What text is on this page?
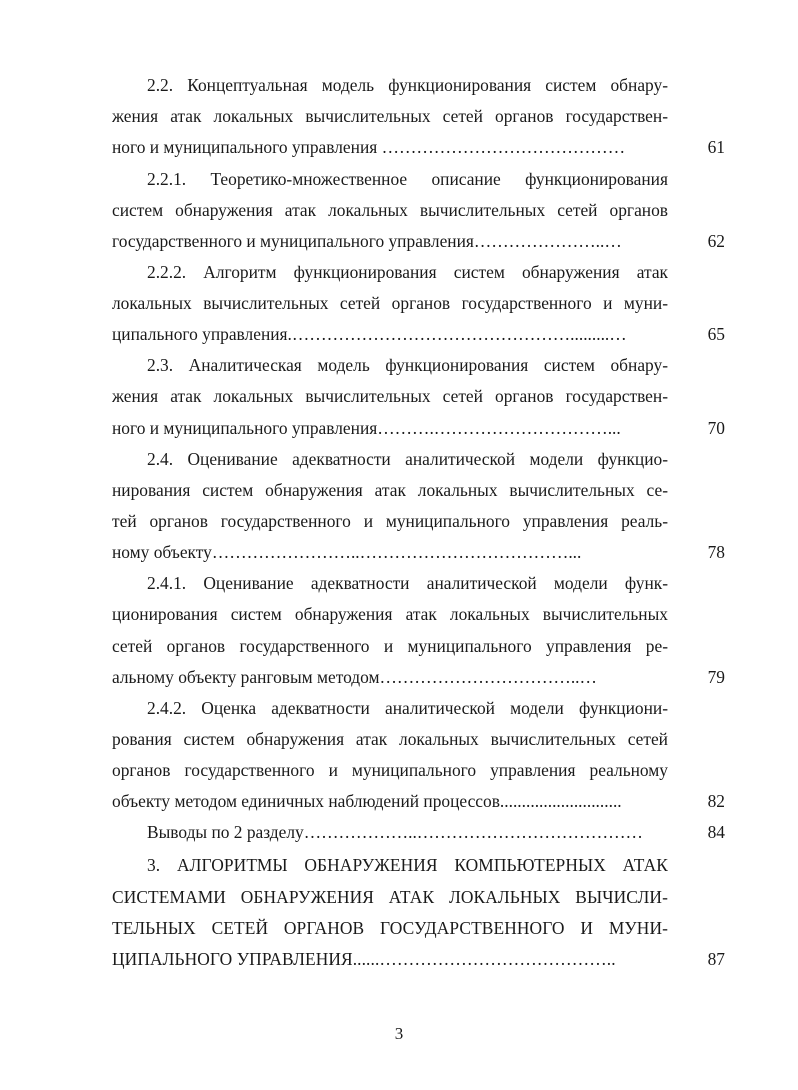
2.2. Концептуальная модель функционирования систем обнару-
жения атак локальных вычислительных сетей органов государствен-
ного и муниципального управления ……………………………………	61
2.2.1. Теоретико-множественное описание функционирования
систем обнаружения атак локальных вычислительных сетей органов
государственного и муниципального управления…………………..…	62
2.2.2. Алгоритм функционирования систем обнаружения атак
локальных вычислительных сетей органов государственного и муни-
ципального управления.………………………………………….........…	65
2.3. Аналитическая модель функционирования систем обнару-
жения атак локальных вычислительных сетей органов государствен-
ного и муниципального управления……….…………………………...	70
2.4. Оценивание адекватности аналитической модели функцио-
нирования систем обнаружения атак локальных вычислительных се-
тей органов государственного и муниципального управления реаль-
ному объекту……………………..………………………………...	78
2.4.1. Оценивание адекватности аналитической модели функ-
ционирования систем обнаружения атак локальных вычислительных
сетей органов государственного и муниципального управления ре-
альному объекту ранговым методом……………………………..…	79
2.4.2. Оценка адекватности аналитической модели функциони-
рования систем обнаружения атак локальных вычислительных сетей
органов государственного и муниципального управления реальному
объекту методом единичных наблюдений процессов............................	82
Выводы по 2 разделу………………..…………………………………	84
3. АЛГОРИТМЫ ОБНАРУЖЕНИЯ КОМПЬЮТЕРНЫХ АТАК
СИСТЕМАМИ ОБНАРУЖЕНИЯ АТАК ЛОКАЛЬНЫХ ВЫЧИСЛИ-
ТЕЛЬНЫХ СЕТЕЙ ОРГАНОВ ГОСУДАРСТВЕННОГО И МУНИ-
ЦИПАЛЬНОГО УПРАВЛЕНИЯ......…………………………………..	87
3
